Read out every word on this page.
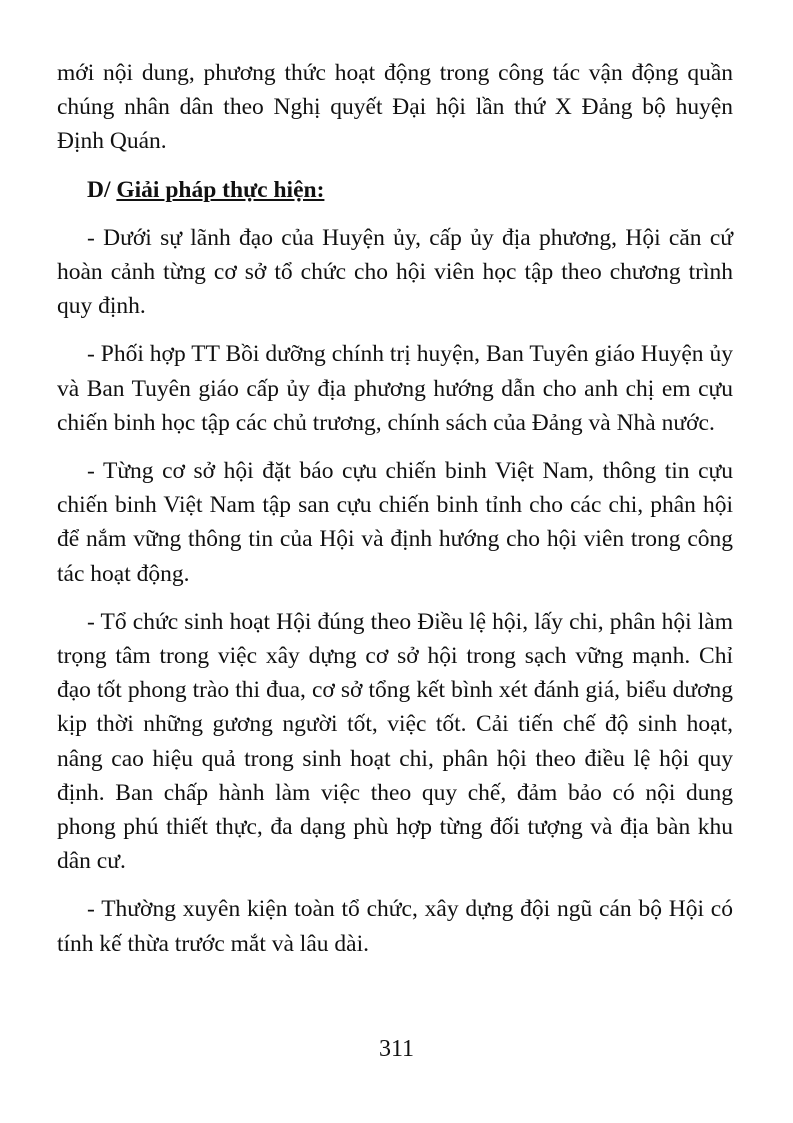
mới nội dung, phương thức hoạt động trong công tác vận động quần chúng nhân dân theo Nghị quyết Đại hội lần thứ X Đảng bộ huyện Định Quán.

D/ Giải pháp thực hiện:

- Dưới sự lãnh đạo của Huyện ủy, cấp ủy địa phương, Hội căn cứ hoàn cảnh từng cơ sở tổ chức cho hội viên học tập theo chương trình quy định.

- Phối hợp TT Bồi dưỡng chính trị huyện, Ban Tuyên giáo Huyện ủy và Ban Tuyên giáo cấp ủy địa phương hướng dẫn cho anh chị em cựu chiến binh học tập các chủ trương, chính sách của Đảng và Nhà nước.

- Từng cơ sở hội đặt báo cựu chiến binh Việt Nam, thông tin cựu chiến binh Việt Nam tập san cựu chiến binh tỉnh cho các chi, phân hội để nắm vững thông tin của Hội và định hướng cho hội viên trong công tác hoạt động.

- Tổ chức sinh hoạt Hội đúng theo Điều lệ hội, lấy chi, phân hội làm trọng tâm trong việc xây dựng cơ sở hội trong sạch vững mạnh. Chỉ đạo tốt phong trào thi đua, cơ sở tổng kết bình xét đánh giá, biểu dương kịp thời những gương người tốt, việc tốt. Cải tiến chế độ sinh hoạt, nâng cao hiệu quả trong sinh hoạt chi, phân hội theo điều lệ hội quy định. Ban chấp hành làm việc theo quy chế, đảm bảo có nội dung phong phú thiết thực, đa dạng phù hợp từng đối tượng và địa bàn khu dân cư.

- Thường xuyên kiện toàn tổ chức, xây dựng đội ngũ cán bộ Hội có tính kế thừa trước mắt và lâu dài.

311
